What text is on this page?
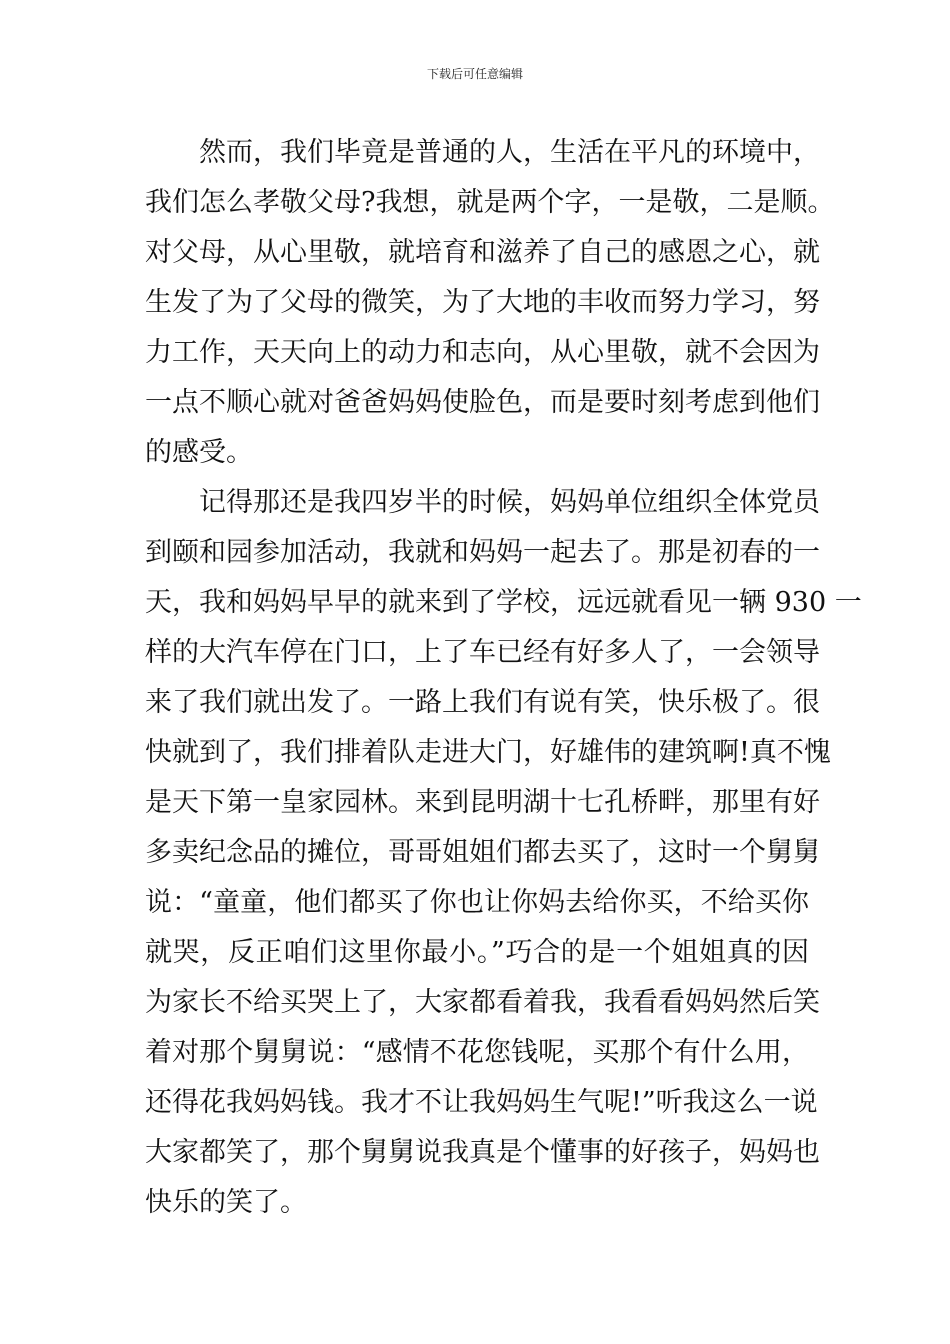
下载后可任意编辑
然而，我们毕竟是普通的人，生活在平凡的环境中，
我们怎么孝敬父母?我想，就是两个字，一是敬，二是顺。
对父母，从心里敬，就培育和滋养了自己的感恩之心，就
生发了为了父母的微笑，为了大地的丰收而努力学习，努
力工作，天天向上的动力和志向，从心里敬，就不会因为
一点不顺心就对爸爸妈妈使脸色，而是要时刻考虑到他们
的感受。
记得那还是我四岁半的时候，妈妈单位组织全体党员
到颐和园参加活动，我就和妈妈一起去了。那是初春的一
天，我和妈妈早早的就来到了学校，远远就看见一辆 930 一
样的大汽车停在门口，上了车已经有好多人了，一会领导
来了我们就出发了。一路上我们有说有笑，快乐极了。很
快就到了，我们排着队走进大门，好雄伟的建筑啊!真不愧
是天下第一皇家园林。来到昆明湖十七孔桥畔，那里有好
多卖纪念品的摊位，哥哥姐姐们都去买了，这时一个舅舅
说：“童童，他们都买了你也让你妈去给你买，不给买你
就哭，反正咱们这里你最小。”巧合的是一个姐姐真的因
为家长不给买哭上了，大家都看着我，我看看妈妈然后笑
着对那个舅舅说：“感情不花您钱呢，买那个有什么用，
还得花我妈妈钱。我才不让我妈妈生气呢!”听我这么一说
大家都笑了，那个舅舅说我真是个懂事的好孩子，妈妈也
快乐的笑了。
